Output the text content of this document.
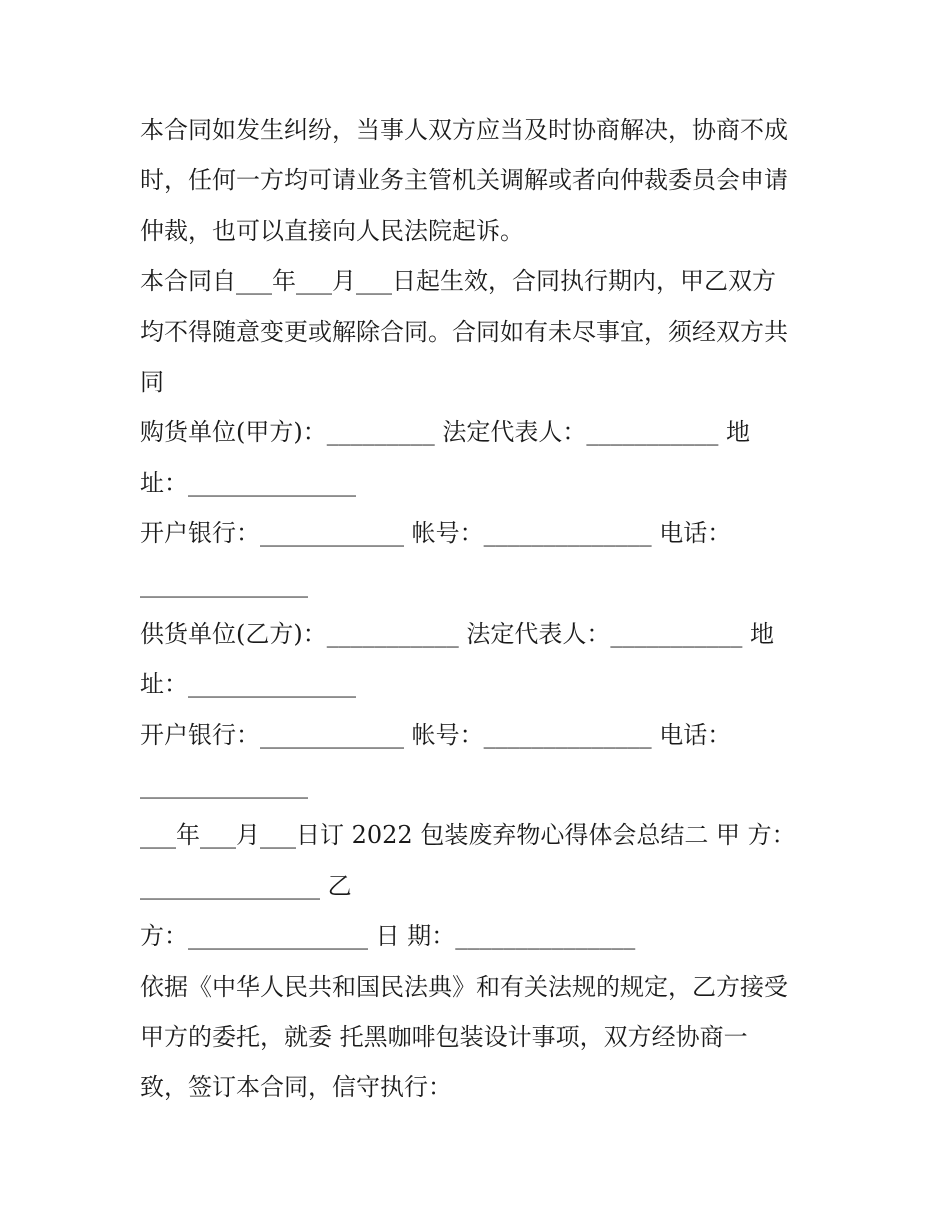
本合同如发生纠纷，当事人双方应当及时协商解决，协商不成
时，任何一方均可请业务主管机关调解或者向仲裁委员会申请
仲裁，也可以直接向人民法院起诉。
本合同自___年___月___日起生效，合同执行期内，甲乙双方
均不得随意变更或解除合同。合同如有未尽事宜，须经双方共
同
购货单位(甲方)：_________ 法定代表人：___________ 地
址：______________
开户银行：____________ 帐号：______________ 电话：
______________
供货单位(乙方)：___________ 法定代表人：___________ 地
址：______________
开户银行：____________ 帐号：______________ 电话：
______________
___年___月___日订 2022 包装废弃物心得体会总结二 甲 方：
_______________ 乙
方：_______________ 日 期：_______________
依据《中华人民共和国民法典》和有关法规的规定，乙方接受
甲方的委托，就委 托黑咖啡包装设计事项，双方经协商一
致，签订本合同，信守执行：
